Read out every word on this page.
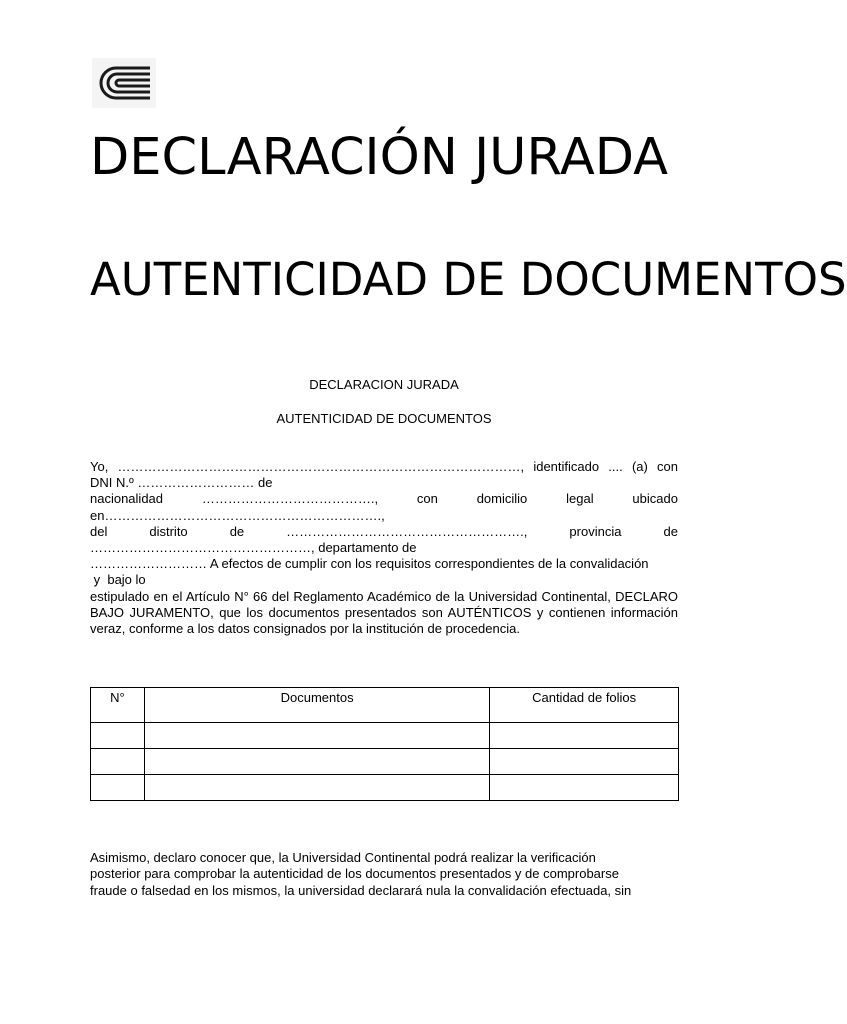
DECLARACIÓN JURADA
AUTENTICIDAD DE DOCUMENTOS
DECLARACION JURADA
AUTENTICIDAD DE DOCUMENTOS
Yo, …………………………………………………………………………………, identificado .... (a) con
DNI N.º ……………………… de
nacionalidad	………………………………….,	con	domicilio	legal	ubicado
en……………………………………………………….,
del	distrito	de	……………………………………………….,	provincia	de
……………………………………………, departamento de
……………………… A efectos de cumplir con los requisitos correspondientes de la convalidación
y  bajo lo
estipulado en el Artículo N° 66 del Reglamento Académico de la Universidad Continental, DECLARO BAJO JURAMENTO, que los documentos presentados son AUTÉNTICOS y contienen información veraz, conforme a los datos consignados por la institución de procedencia.
N°	Documentos	Cantidad de folios

Asimismo, declaro conocer que, la Universidad Continental podrá realizar la verificación
posterior para comprobar la autenticidad de los documentos presentados y de comprobarse
fraude o falsedad en los mismos, la universidad declarará nula la convalidación efectuada, sin
